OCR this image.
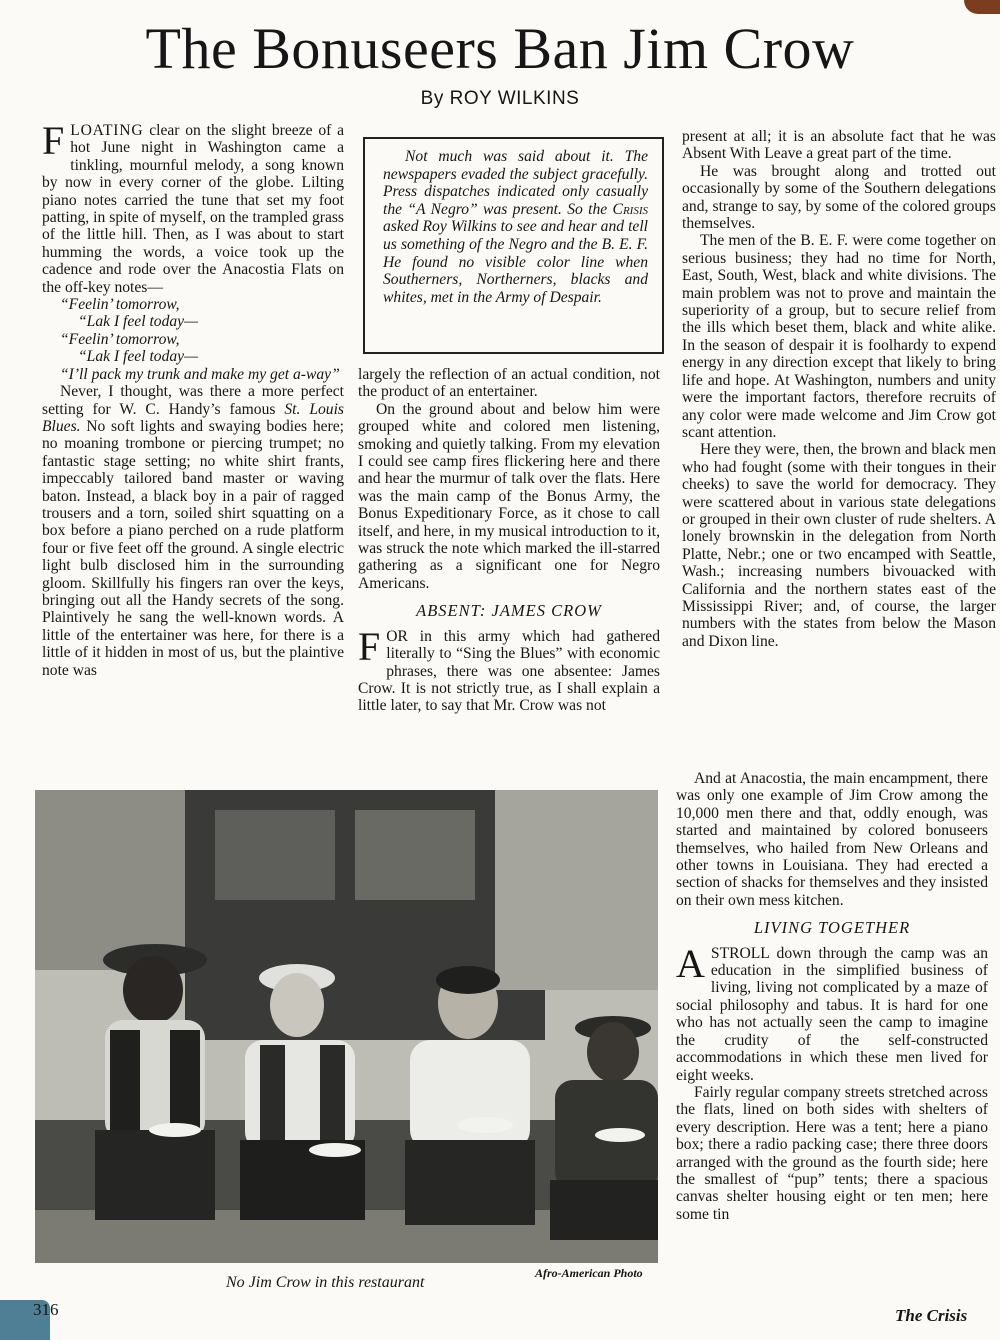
The Bonuseers Ban Jim Crow
By ROY WILKINS

FLOATING clear on the slight breeze of a hot June night in Washington came a tinkling, mournful melody, a song known by now in every corner of the globe. Lilting piano notes carried the tune that set my foot patting, in spite of myself, on the trampled grass of the little hill. Then, as I was about to start humming the words, a voice took up the cadence and rode over the Anacostia Flats on the off-key notes—

“Feelin’ tomorrow,

“Lak I feel today—

“Feelin’ tomorrow,

“Lak I feel today—

“I’ll pack my trunk and make my get a-way”

Never, I thought, was there a more perfect setting for W. C. Handy’s famous St. Louis Blues. No soft lights and swaying bodies here; no moaning trombone or piercing trumpet; no fantastic stage setting; no white shirt frants, impeccably tailored band master or waving baton. Instead, a black boy in a pair of ragged trousers and a torn, soiled shirt squatting on a box before a piano perched on a rude platform four or five feet off the ground. A single electric light bulb disclosed him in the surrounding gloom. Skillfully his fingers ran over the keys, bringing out all the Handy secrets of the song. Plaintively he sang the well-known words. A little of the entertainer was here, for there is a little of it hidden in most of us, but the plaintive note was

Not much was said about it. The newspapers evaded the subject gracefully. Press dispatches indicated only casually the “A Negro” was present. So the Crisis asked Roy Wilkins to see and hear and tell us something of the Negro and the B. E. F. He found no visible color line when Southerners, Northerners, blacks and whites, met in the Army of Despair.

largely the reflection of an actual condition, not the product of an entertainer.

On the ground about and below him were grouped white and colored men listening, smoking and quietly talking. From my elevation I could see camp fires flickering here and there and hear the murmur of talk over the flats. Here was the main camp of the Bonus Army, the Bonus Expeditionary Force, as it chose to call itself, and here, in my musical introduction to it, was struck the note which marked the ill-starred gathering as a significant one for Negro Americans.

ABSENT: JAMES CROW

FOR in this army which had gathered literally to “Sing the Blues” with economic phrases, there was one absentee: James Crow. It is not strictly true, as I shall explain a little later, to say that Mr. Crow was not

present at all; it is an absolute fact that he was Absent With Leave a great part of the time.

He was brought along and trotted out occasionally by some of the Southern delegations and, strange to say, by some of the colored groups themselves.

The men of the B. E. F. were come together on serious business; they had no time for North, East, South, West, black and white divisions. The main problem was not to prove and maintain the superiority of a group, but to secure relief from the ills which beset them, black and white alike. In the season of despair it is foolhardy to expend energy in any direction except that likely to bring life and hope. At Washington, numbers and unity were the important factors, therefore recruits of any color were made welcome and Jim Crow got scant attention.

Here they were, then, the brown and black men who had fought (some with their tongues in their cheeks) to save the world for democracy. They were scattered about in various state delegations or grouped in their own cluster of rude shelters. A lonely brownskin in the delegation from North Platte, Nebr.; one or two encamped with Seattle, Wash.; increasing numbers bivouacked with California and the northern states east of the Mississippi River; and, of course, the larger numbers with the states from below the Mason and Dixon line.

And at Anacostia, the main encampment, there was only one example of Jim Crow among the 10,000 men there and that, oddly enough, was started and maintained by colored bonuseers themselves, who hailed from New Orleans and other towns in Louisiana. They had erected a section of shacks for themselves and they insisted on their own mess kitchen.

LIVING TOGETHER

A STROLL down through the camp was an education in the simplified business of living, living not complicated by a maze of social philosophy and tabus. It is hard for one who has not actually seen the camp to imagine the crudity of the self-constructed accommodations in which these men lived for eight weeks.

Fairly regular company streets stretched across the flats, lined on both sides with shelters of every description. Here was a tent; here a piano box; there a radio packing case; there three doors arranged with the ground as the fourth side; here the smallest of “pup” tents; there a spacious canvas shelter housing eight or ten men; here some tin

Afro-American Photo
No Jim Crow in this restaurant
316	The Crisis
